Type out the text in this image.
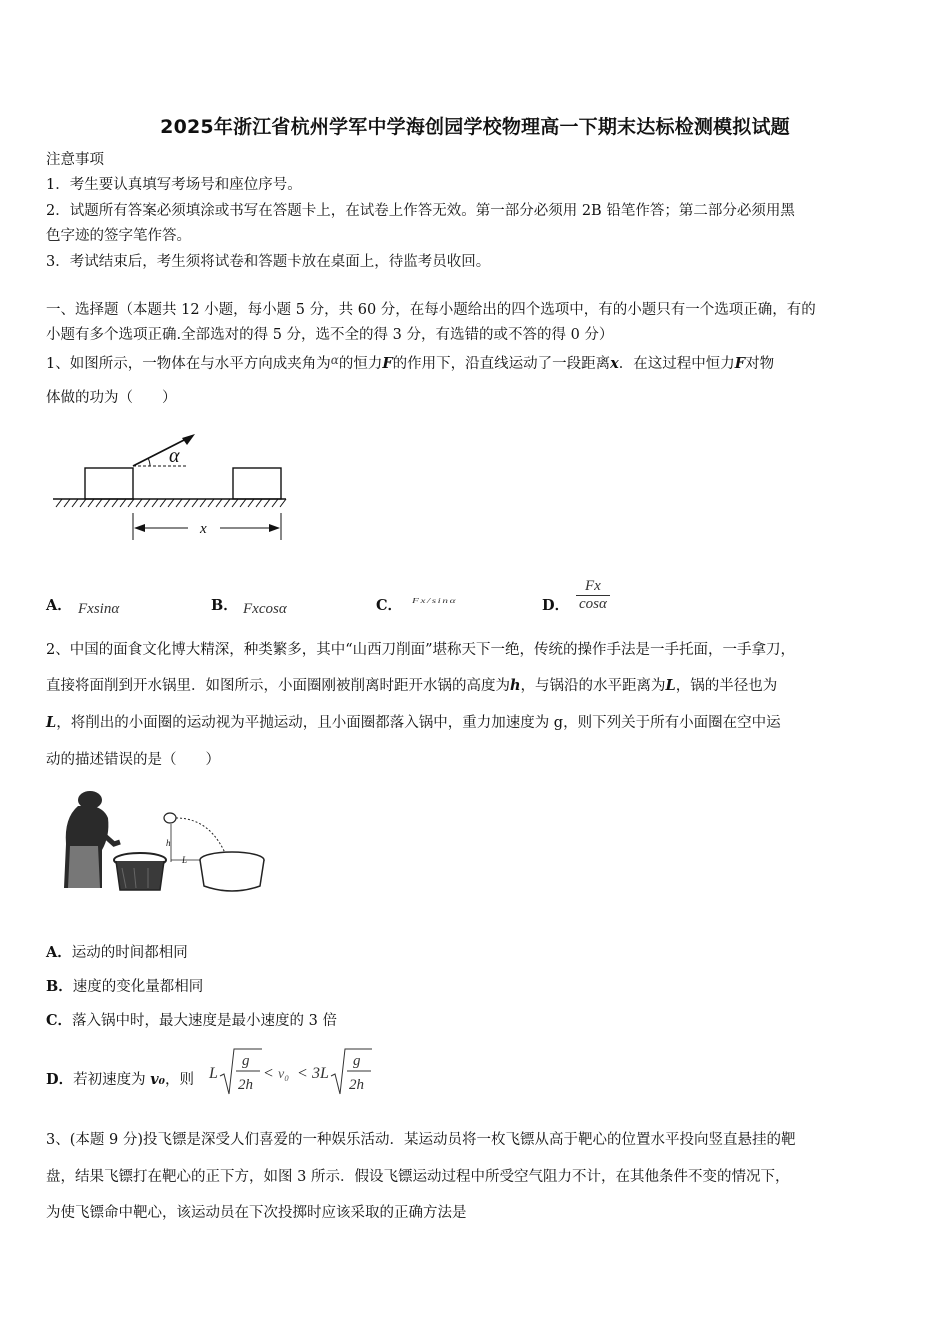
2025年浙江省杭州学军中学海创园学校物理高一下期末达标检测模拟试题
注意事项
1．考生要认真填写考场号和座位序号。
2．试题所有答案必须填涂或书写在答题卡上，在试卷上作答无效。第一部分必须用 2B 铅笔作答；第二部分必须用黑
色字迹的签字笔作答。
3．考试结束后，考生须将试卷和答题卡放在桌面上，待监考员收回。
一、选择题（本题共 12 小题，每小题 5 分，共 60 分，在每小题给出的四个选项中，有的小题只有一个选项正确，有的
小题有多个选项正确.全部选对的得 5 分，选不全的得 3 分，有选错的或不答的得 0 分）
1、如图所示，一物体在与水平方向成夹角为$^\alpha$的恒力F的作用下，沿直线运动了一段距离x．在这过程中恒力F对物
体做的功为（　　）
α
x
A． Fxsinα	B． Fxcosα	C． Fx/sinα	D． $\frac{Fx}{\cos\alpha}$
2、中国的面食文化博大精深，种类繁多，其中“山西刀削面”堪称天下一绝，传统的操作手法是一手托面，一手拿刀，
直接将面削到开水锅里．如图所示，小面圈刚被削离时距开水锅的高度为h，与锅沿的水平距离为L，锅的半径也为
L，将削出的小面圈的运动视为平抛运动，且小面圈都落入锅中，重力加速度为 g，则下列关于所有小面圈在空中运
动的描述错误的是（　　）
h
L
A．运动的时间都相同
B．速度的变化量都相同
C．落入锅中时，最大速度是最小速度的 3 倍
D．若初速度为 v₀，则 L
g
2h
< v₀ < 3L
g
2h
3、(本题 9 分)投飞镖是深受人们喜爱的一种娱乐活动．某运动员将一枚飞镖从高于靶心的位置水平投向竖直悬挂的靶
盘，结果飞镖打在靶心的正下方，如图 3 所示．假设飞镖运动过程中所受空气阻力不计，在其他条件不变的情况下，
为使飞镖命中靶心，该运动员在下次投掷时应该采取的正确方法是
